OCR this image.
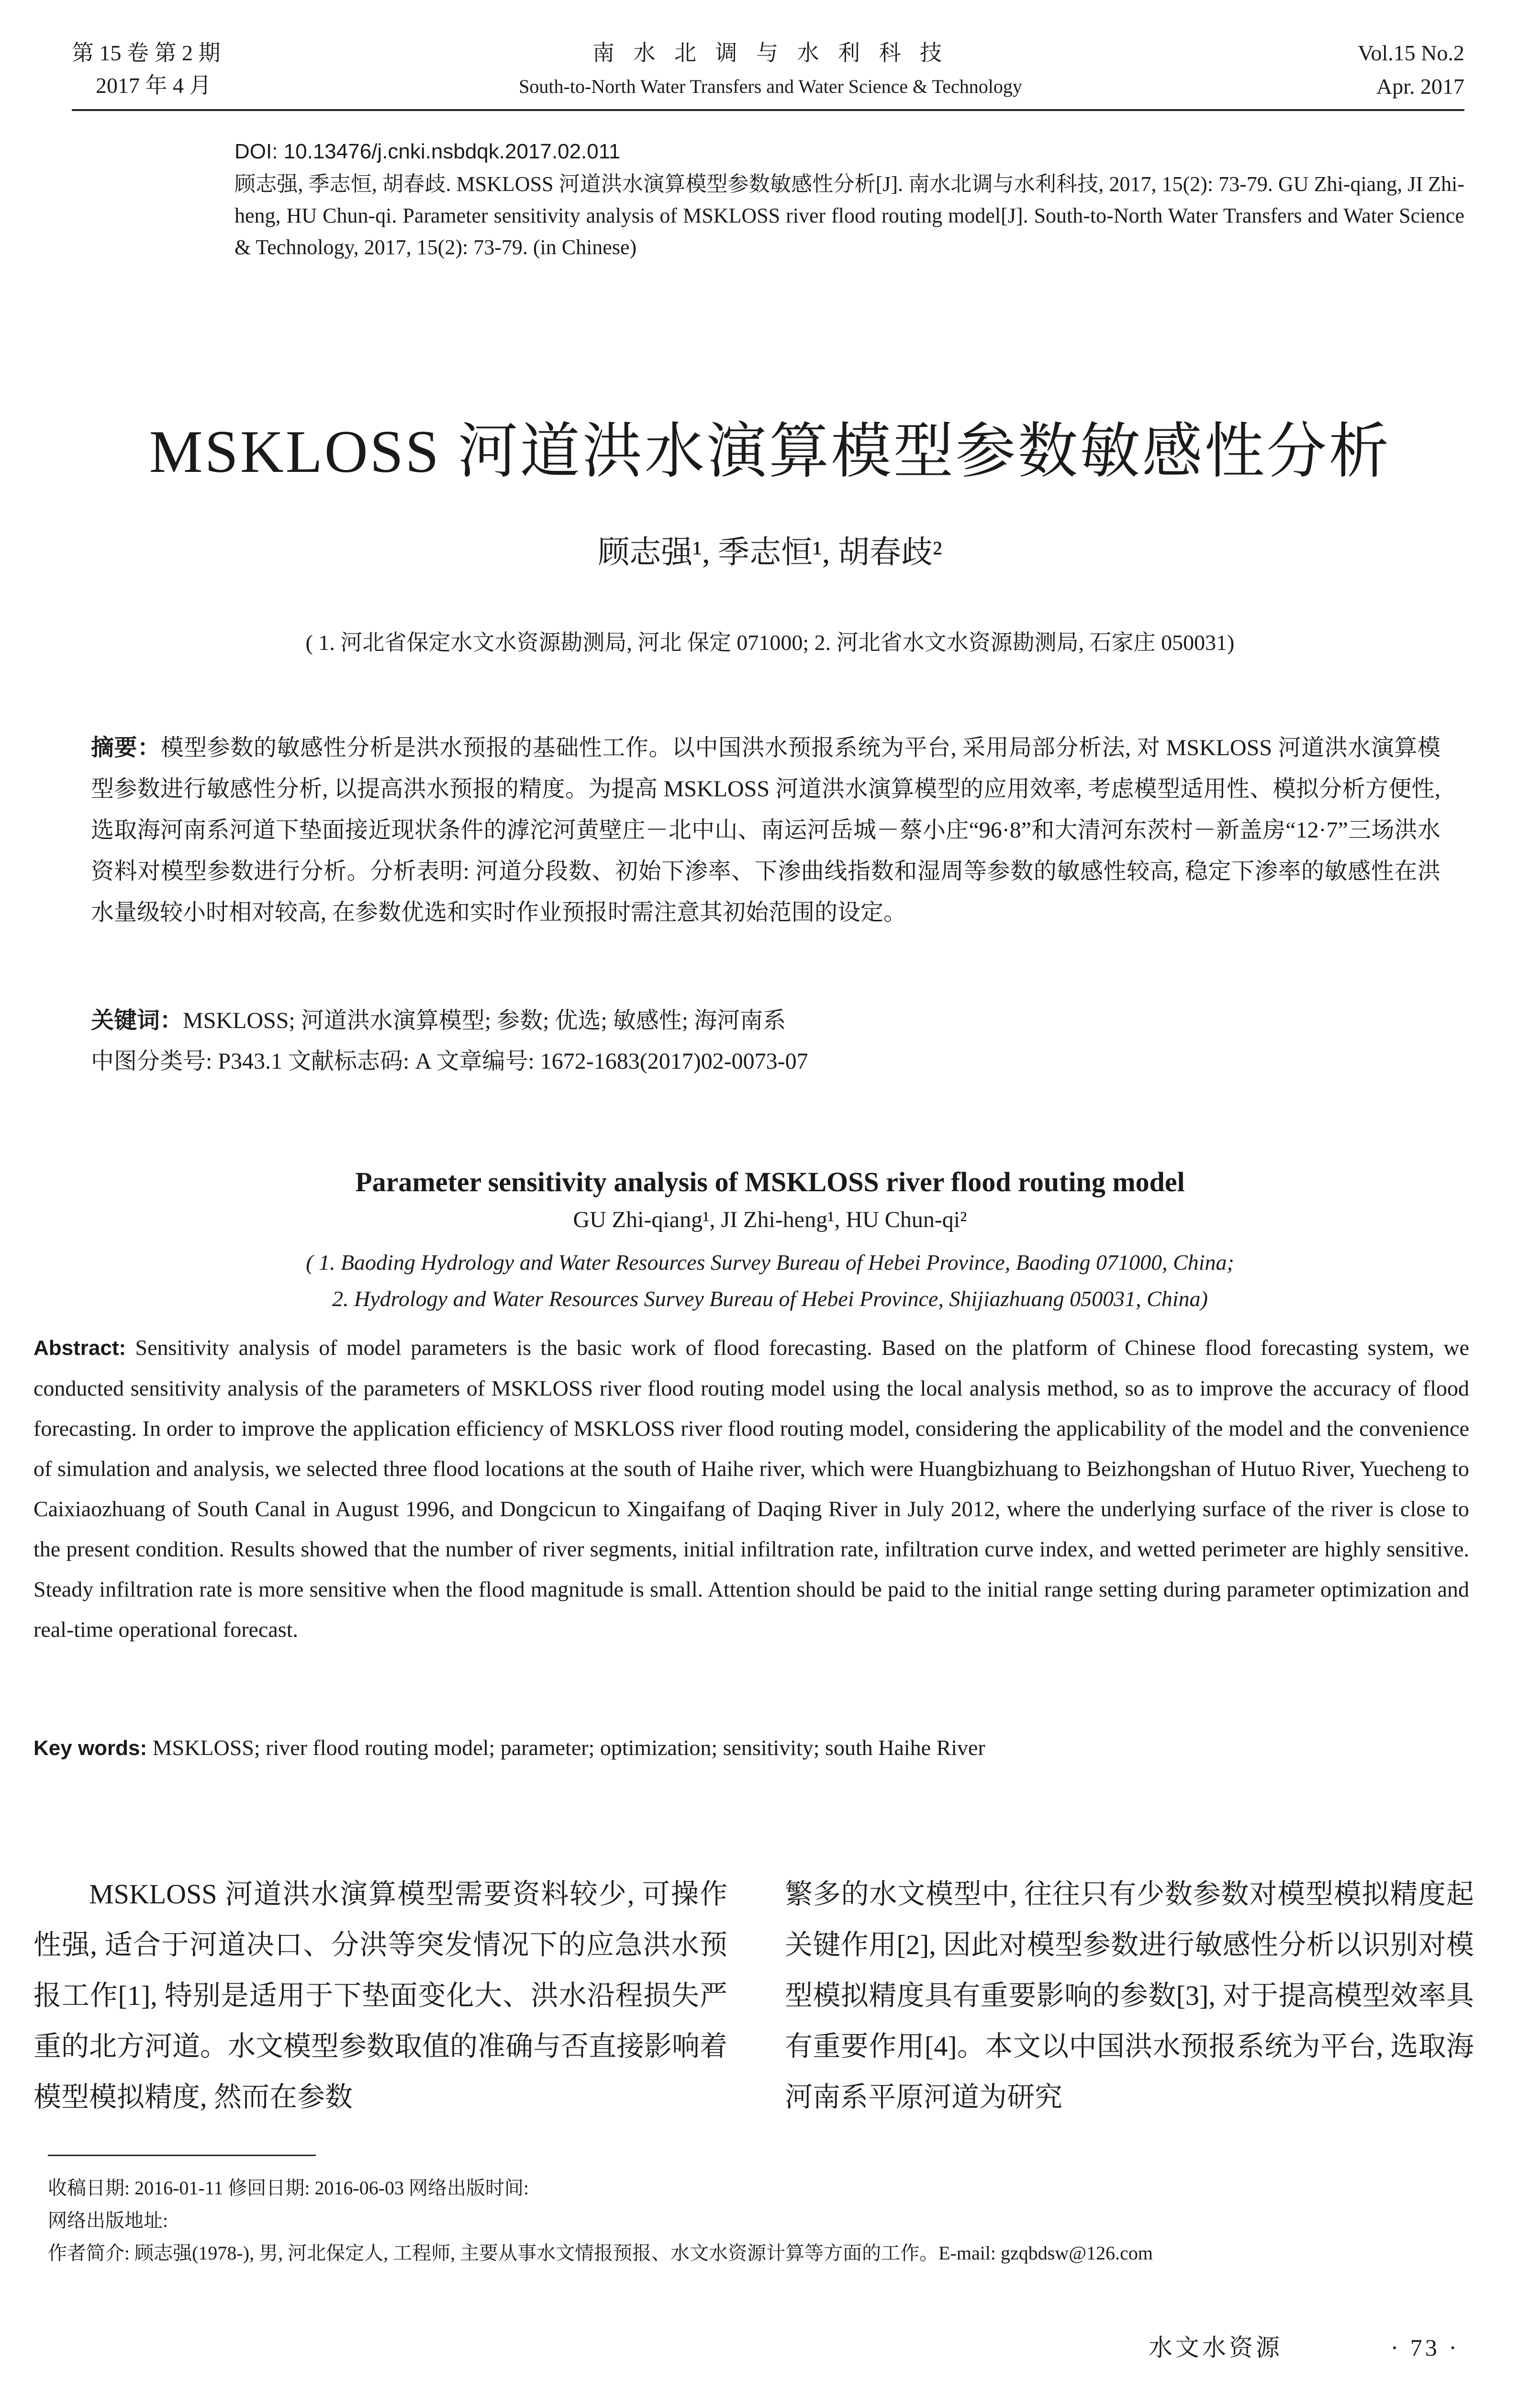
第 15 卷 第 2 期
2017 年 4 月
南 水 北 调 与 水 利 科 技
South-to-North Water Transfers and Water Science & Technology
Vol.15 No.2
Apr. 2017
DOI: 10.13476/j.cnki.nsbdqk.2017.02.011
顾志强, 季志恒, 胡春歧. MSKLOSS 河道洪水演算模型参数敏感性分析[J]. 南水北调与水利科技, 2017, 15(2): 73-79. GU Zhi-qiang, JI Zhi-heng, HU Chun-qi. Parameter sensitivity analysis of MSKLOSS river flood routing model[J]. South-to-North Water Transfers and Water Science & Technology, 2017, 15(2): 73-79. (in Chinese)
MSKLOSS 河道洪水演算模型参数敏感性分析
顾志强¹, 季志恒¹, 胡春歧²
( 1. 河北省保定水文水资源勘测局, 河北 保定 071000; 2. 河北省水文水资源勘测局, 石家庄 050031)
摘要：模型参数的敏感性分析是洪水预报的基础性工作。以中国洪水预报系统为平台, 采用局部分析法, 对 MSKLOSS 河道洪水演算模型参数进行敏感性分析, 以提高洪水预报的精度。为提高 MSKLOSS 河道洪水演算模型的应用效率, 考虑模型适用性、模拟分析方便性, 选取海河南系河道下垫面接近现状条件的滹沱河黄壁庄－北中山、南运河岳城－蔡小庄“96·8”和大清河东茨村－新盖房“12·7”三场洪水资料对模型参数进行分析。分析表明: 河道分段数、初始下渗率、下渗曲线指数和湿周等参数的敏感性较高, 稳定下渗率的敏感性在洪水量级较小时相对较高, 在参数优选和实时作业预报时需注意其初始范围的设定。
关键词：MSKLOSS; 河道洪水演算模型; 参数; 优选; 敏感性; 海河南系
中图分类号: P343.1 文献标志码: A 文章编号: 1672-1683(2017)02-0073-07
Parameter sensitivity analysis of MSKLOSS river flood routing model
GU Zhi-qiang¹, JI Zhi-heng¹, HU Chun-qi²
( 1. Baoding Hydrology and Water Resources Survey Bureau of Hebei Province, Baoding 071000, China;
2. Hydrology and Water Resources Survey Bureau of Hebei Province, Shijiazhuang 050031, China)
Abstract: Sensitivity analysis of model parameters is the basic work of flood forecasting. Based on the platform of Chinese flood forecasting system, we conducted sensitivity analysis of the parameters of MSKLOSS river flood routing model using the local analysis method, so as to improve the accuracy of flood forecasting. In order to improve the application efficiency of MSKLOSS river flood routing model, considering the applicability of the model and the convenience of simulation and analysis, we selected three flood locations at the south of Haihe river, which were Huangbizhuang to Beizhongshan of Hutuo River, Yuecheng to Caixiaozhuang of South Canal in August 1996, and Dongcicun to Xingaifang of Daqing River in July 2012, where the underlying surface of the river is close to the present condition. Results showed that the number of river segments, initial infiltration rate, infiltration curve index, and wetted perimeter are highly sensitive. Steady infiltration rate is more sensitive when the flood magnitude is small. Attention should be paid to the initial range setting during parameter optimization and real-time operational forecast.
Key words: MSKLOSS; river flood routing model; parameter; optimization; sensitivity; south Haihe River
MSKLOSS 河道洪水演算模型需要资料较少, 可操作性强, 适合于河道决口、分洪等突发情况下的应急洪水预报工作[1], 特别是适用于下垫面变化大、洪水沿程损失严重的北方河道。水文模型参数取值的准确与否直接影响着模型模拟精度, 然而在参数
繁多的水文模型中, 往往只有少数参数对模型模拟精度起关键作用[2], 因此对模型参数进行敏感性分析以识别对模型模拟精度具有重要影响的参数[3], 对于提高模型效率具有重要作用[4]。本文以中国洪水预报系统为平台, 选取海河南系平原河道为研究
收稿日期: 2016-01-11 修回日期: 2016-06-03 网络出版时间:
网络出版地址:
作者简介: 顾志强(1978-), 男, 河北保定人, 工程师, 主要从事水文情报预报、水文水资源计算等方面的工作。E-mail: gzqbdsw@126.com
水文水资源	· 73 ·
